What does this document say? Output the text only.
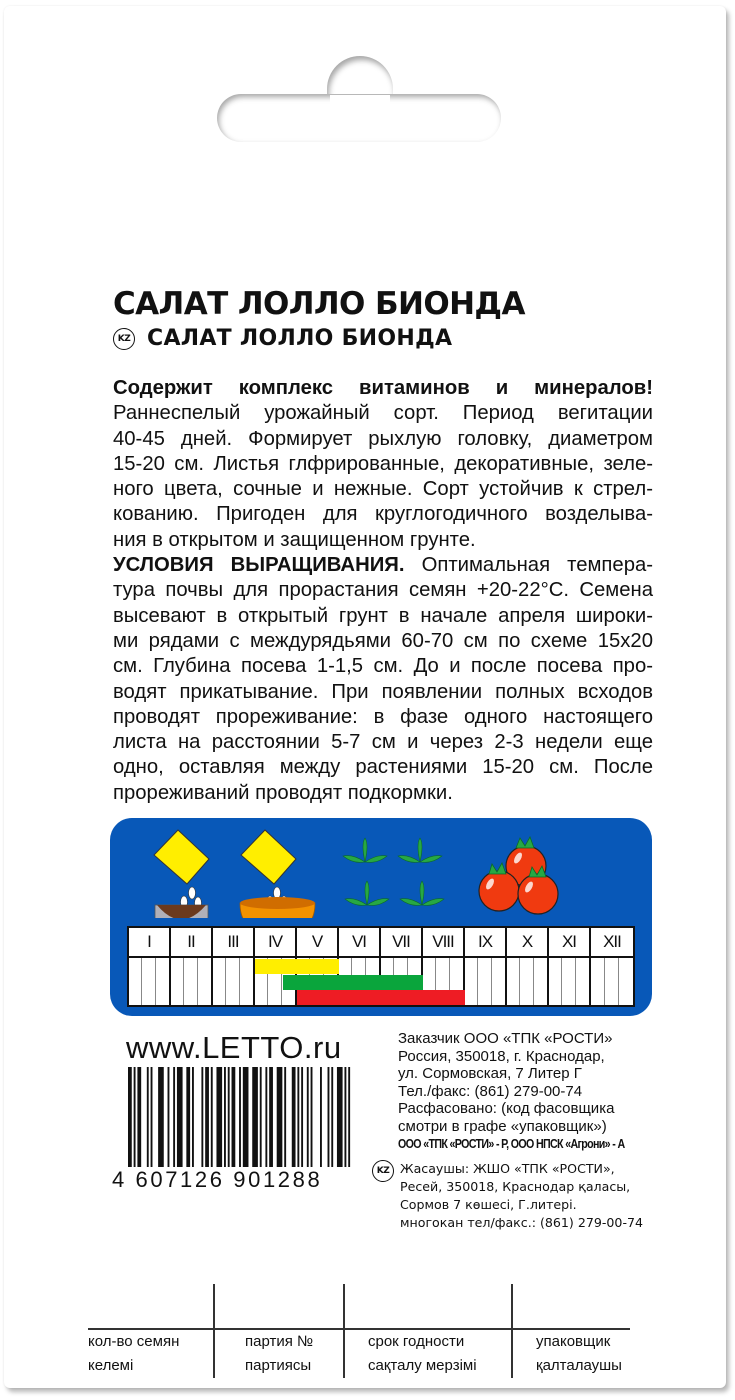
САЛАТ ЛОЛЛО БИОНДА
KZ САЛАТ ЛОЛЛО БИОНДА
Содержит комплекс витаминов и минералов!
Раннеспелый урожайный сорт. Период вегитации
40-45 дней. Формирует рыхлую головку, диаметром
15-20 см. Листья глфрированные, декоративные, зеле-
ного цвета, сочные и нежные. Сорт устойчив к стрел-
кованию. Пригоден для круглогодичного возделыва-
ния в открытом и защищенном грунте.
УСЛОВИЯ ВЫРАЩИВАНИЯ. Оптимальная темпера-
тура почвы для прорастания семян +20-22°С. Семена
высевают в открытый грунт в начале апреля широки-
ми рядами с междурядьями 60-70 см по схеме 15х20
см. Глубина посева 1-1,5 см. До и после посева про-
водят прикатывание. При появлении полных всходов
проводят прореживание: в фазе одного настоящего
листа на расстоянии 5-7 см и через 2-3 недели еще
одно, оставляя между растениями 15-20 см. После
прореживаний проводят подкормки.
I	II	III	IV	V	VI	VII	VIII	IX	X	XI	XII
www.LETTO.ru
4 607126 901288
Заказчик ООО «ТПК «РОСТИ»
Россия, 350018, г. Краснодар,
ул. Сормовская, 7 Литер Г
Тел./факс: (861) 279-00-74
Расфасовано: (код фасовщика
смотри в графе «упаковщик»)
ООО «ТПК «РОСТИ» - Р, ООО НПСК «Агрони» - А
KZ Жасаушы: ЖШО «ТПК «РОСТИ»,
Ресей, 350018, Краснодар қаласы,
Сормов 7 көшесі, Г.литері.
многокан тел/факс.: (861) 279-00-74
кол-во семян
келемі
партия №
партиясы
срок годности
сақталу мерзімі
упаковщик
қалталаушы
